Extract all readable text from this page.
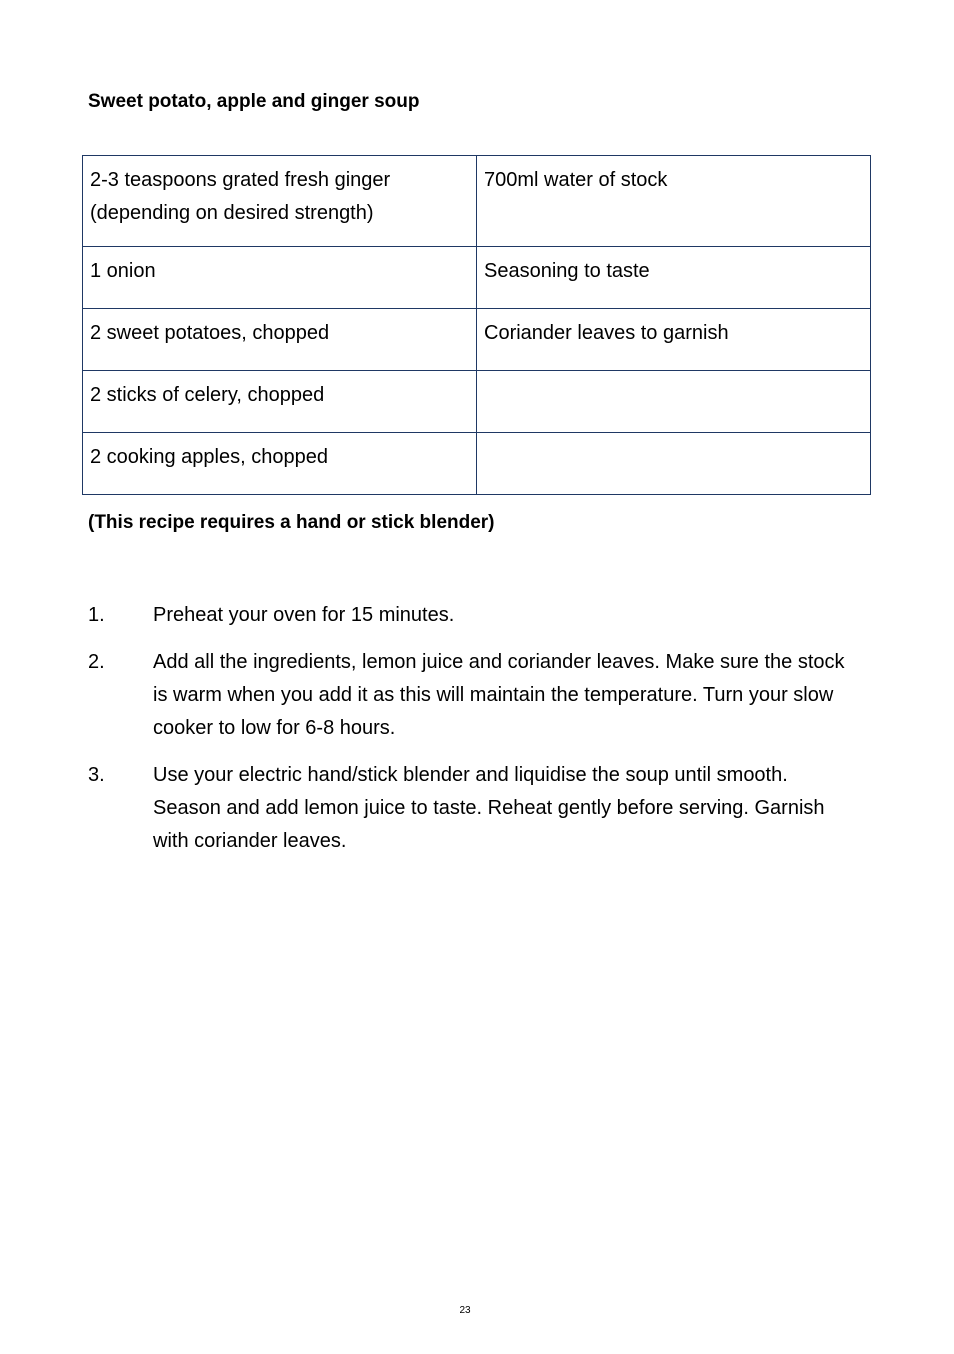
Sweet potato, apple and ginger soup
2-3 teaspoons grated fresh ginger (depending on desired strength)	700ml water of stock
1 onion	Seasoning to taste
2 sweet potatoes, chopped	Coriander leaves to garnish
2 sticks of celery, chopped	
2 cooking apples, chopped	

(This recipe requires a hand or stick blender)

1.	Preheat your oven for 15 minutes.
2.	Add all the ingredients, lemon juice and coriander leaves. Make sure the stock is warm when you add it as this will maintain the temperature. Turn your slow cooker to low for 6-8 hours.
3.	Use your electric hand/stick blender and liquidise the soup until smooth. Season and add lemon juice to taste. Reheat gently before serving. Garnish with coriander leaves.
23
